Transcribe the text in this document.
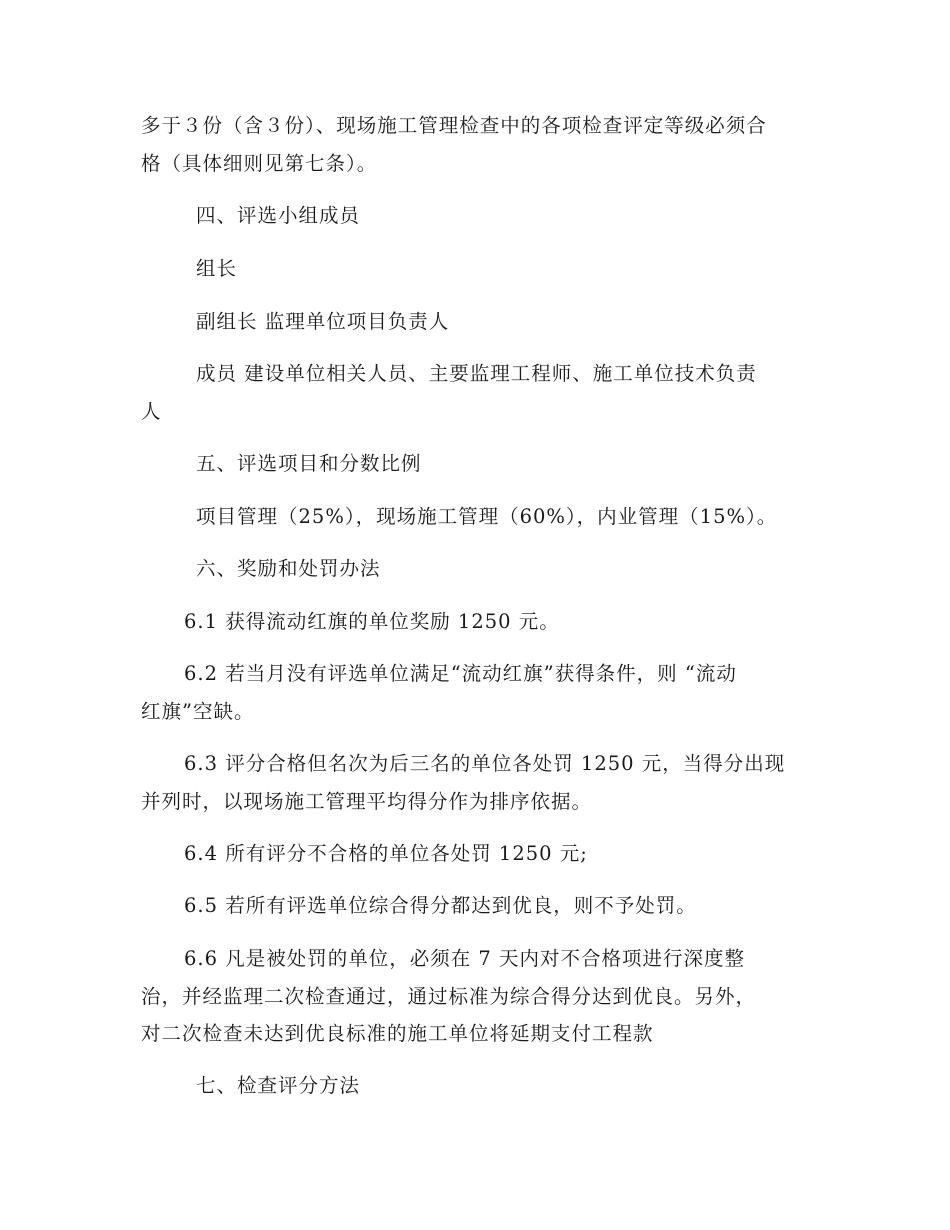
多于３份（含３份）、现场施工管理检查中的各项检查评定等级必须合
格（具体细则见第七条）。
四、评选小组成员
组长
副组长 监理单位项目负责人
成员 建设单位相关人员、主要监理工程师、施工单位技术负责
人
五、评选项目和分数比例
项目管理（25%），现场施工管理（60%），内业管理（15%）。
六、奖励和处罚办法
6.1 获得流动红旗的单位奖励 1250 元。
6.2 若当月没有评选单位满足“流动红旗”获得条件，则 “流动
红旗”空缺。
6.3 评分合格但名次为后三名的单位各处罚 1250 元，当得分出现
并列时，以现场施工管理平均得分作为排序依据。
6.4 所有评分不合格的单位各处罚 1250 元;
6.5 若所有评选单位综合得分都达到优良，则不予处罚。
6.6 凡是被处罚的单位，必须在 7 天内对不合格项进行深度整
治，并经监理二次检查通过，通过标准为综合得分达到优良。另外，
对二次检查未达到优良标准的施工单位将延期支付工程款
七、检查评分方法
